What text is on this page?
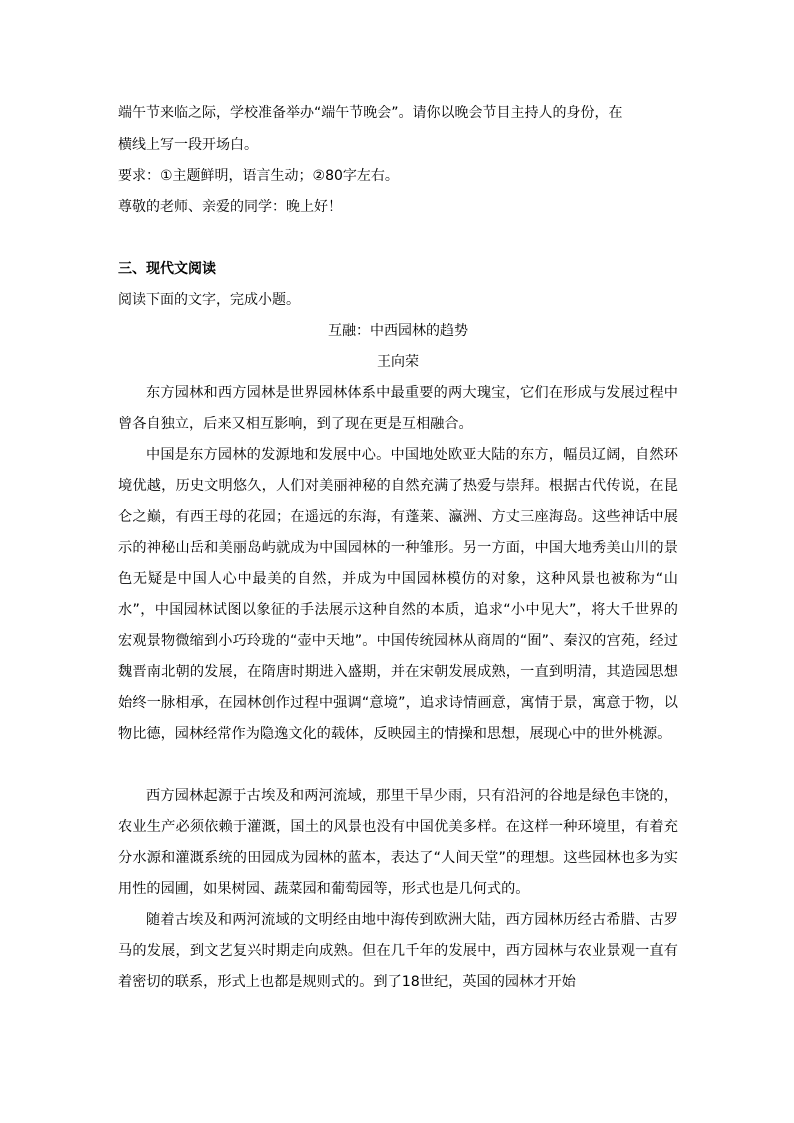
端午节来临之际，学校准备举办“端午节晚会”。请你以晚会节目主持人的身份，在
横线上写一段开场白。
要求：①主题鲜明，语言生动；②80字左右。
尊敬的老师、亲爱的同学：晚上好！
三、现代文阅读
阅读下面的文字，完成小题。
互融：中西园林的趋势
王向荣
东方园林和西方园林是世界园林体系中最重要的两大瑰宝，它们在形成与发展过程中曾各自独立，后来又相互影响，到了现在更是互相融合。
中国是东方园林的发源地和发展中心。中国地处欧亚大陆的东方，幅员辽阔，自然环境优越，历史文明悠久，人们对美丽神秘的自然充满了热爱与崇拜。根据古代传说，在昆仑之巅，有西王母的花园；在遥远的东海，有蓬莱、瀛洲、方丈三座海岛。这些神话中展示的神秘山岳和美丽岛屿就成为中国园林的一种雏形。另一方面，中国大地秀美山川的景色无疑是中国人心中最美的自然，并成为中国园林模仿的对象，这种风景也被称为“山水”，中国园林试图以象征的手法展示这种自然的本质，追求“小中见大”，将大千世界的宏观景物微缩到小巧玲珑的“壶中天地”。中国传统园林从商周的“囿”、秦汉的宫苑，经过魏晋南北朝的发展，在隋唐时期进入盛期，并在宋朝发展成熟，一直到明清，其造园思想始终一脉相承，在园林创作过程中强调“意境”，追求诗情画意，寓情于景，寓意于物，以物比德，园林经常作为隐逸文化的载体，反映园主的情操和思想，展现心中的世外桃源。
西方园林起源于古埃及和两河流域，那里干旱少雨，只有沿河的谷地是绿色丰饶的，农业生产必须依赖于灌溉，国土的风景也没有中国优美多样。在这样一种环境里，有着充分水源和灌溉系统的田园成为园林的蓝本，表达了“人间天堂”的理想。这些园林也多为实用性的园圃，如果树园、蔬菜园和葡萄园等，形式也是几何式的。
随着古埃及和两河流域的文明经由地中海传到欧洲大陆，西方园林历经古希腊、古罗马的发展，到文艺复兴时期走向成熟。但在几千年的发展中，西方园林与农业景观一直有着密切的联系，形式上也都是规则式的。到了18世纪，英国的园林才开始
